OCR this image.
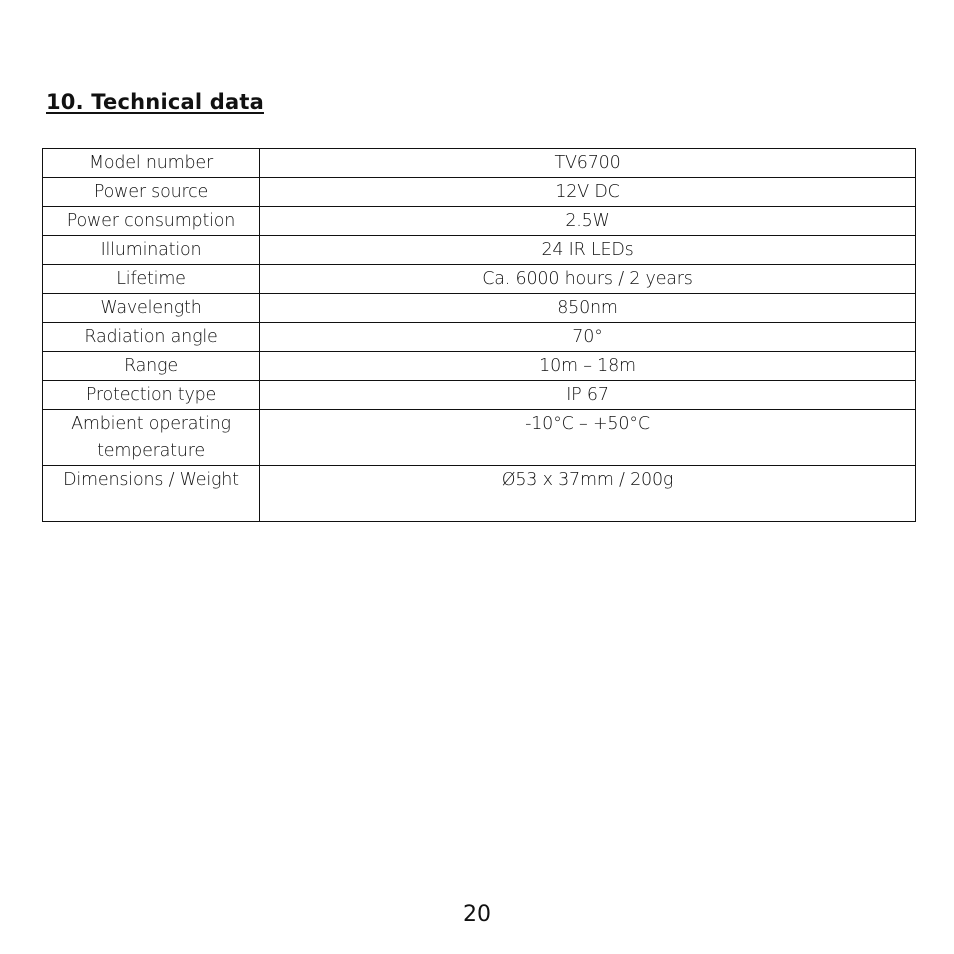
10. Technical data
Model number	TV6700
Power source	12V DC
Power consumption	2.5W
Illumination	24 IR LEDs
Lifetime	Ca. 6000 hours / 2 years
Wavelength	850nm
Radiation angle	70°
Range	10m – 18m
Protection type	IP 67
Ambient operating temperature	-10°C – +50°C
Dimensions / Weight	Ø53 x 37mm / 200g
20
